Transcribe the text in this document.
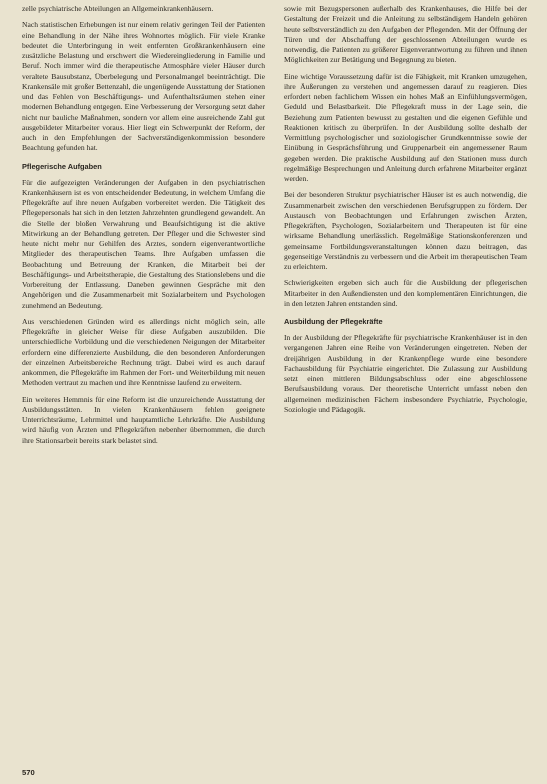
zelle psychiatrische Abteilungen an Allgemeinkrankenhäusern.

Nach statistischen Erhebungen ist nur einem relativ geringen Teil der Patienten eine Behandlung in der Nähe ihres Wohnortes möglich. Für viele Kranke bedeutet die Unterbringung in weit entfernten Großkrankenhäusern eine zusätzliche Belastung und erschwert die Wiedereingliederung in Familie und Beruf. Noch immer wird die therapeutische Atmosphäre vieler Häuser durch veraltete Bausubstanz, Überbelegung und Personalmangel beeinträchtigt. Die Krankensäle mit großer Bettenzahl, die ungenügende Ausstattung der Stationen und das Fehlen von Beschäftigungs- und Aufenthaltsräumen stehen einer modernen Behandlung entgegen. Eine Verbesserung der Versorgung setzt daher nicht nur bauliche Maßnahmen, sondern vor allem eine ausreichende Zahl gut ausgebildeter Mitarbeiter voraus. Hier liegt ein Schwerpunkt der Reform, der auch in den Empfehlungen der Sachverständigenkommission besondere Beachtung gefunden hat.

Pflegerische Aufgaben

Für die aufgezeigten Veränderungen der Aufgaben in den psychiatrischen Krankenhäusern ist es von entscheidender Bedeutung, in welchem Umfang die Pflegekräfte auf ihre neuen Aufgaben vorbereitet werden. Die Tätigkeit des Pflegepersonals hat sich in den letzten Jahrzehnten grundlegend gewandelt. An die Stelle der bloßen Verwahrung und Beaufsichtigung ist die aktive Mitwirkung an der Behandlung getreten. Der Pfleger und die Schwester sind heute nicht mehr nur Gehilfen des Arztes, sondern eigenverantwortliche Mitglieder des therapeutischen Teams. Ihre Aufgaben umfassen die Beobachtung und Betreuung der Kranken, die Mitarbeit bei der Beschäftigungs- und Arbeitstherapie, die Gestaltung des Stationslebens und die Vorbereitung der Entlassung. Daneben gewinnen Gespräche mit den Angehörigen und die Zusammenarbeit mit Sozialarbeitern und Psychologen zunehmend an Bedeutung.

Aus verschiedenen Gründen wird es allerdings nicht möglich sein, alle Pflegekräfte in gleicher Weise für diese Aufgaben auszubilden. Die unterschiedliche Vorbildung und die verschiedenen Neigungen der Mitarbeiter erfordern eine differenzierte Ausbildung, die den besonderen Anforderungen der einzelnen Arbeitsbereiche Rechnung trägt. Dabei wird es auch darauf ankommen, die Pflegekräfte im Rahmen der Fort- und Weiterbildung mit neuen Methoden vertraut zu machen und ihre Kenntnisse laufend zu erweitern.

Ein weiteres Hemmnis für eine Reform ist die unzureichende Ausstattung der Ausbildungsstätten. In vielen Krankenhäusern fehlen geeignete Unterrichtsräume, Lehrmittel und hauptamtliche Lehrkräfte. Die Ausbildung wird häufig von Ärzten und Pflegekräften nebenher übernommen, die durch ihre Stationsarbeit bereits stark belastet sind.

sowie mit Bezugspersonen außerhalb des Krankenhauses, die Hilfe bei der Gestaltung der Freizeit und die Anleitung zu selbständigem Handeln gehören heute selbstverständlich zu den Aufgaben der Pflegenden. Mit der Öffnung der Türen und der Abschaffung der geschlossenen Abteilungen wurde es notwendig, die Patienten zu größerer Eigenverantwortung zu führen und ihnen Möglichkeiten zur Betätigung und Begegnung zu bieten.

Eine wichtige Voraussetzung dafür ist die Fähigkeit, mit Kranken umzugehen, ihre Äußerungen zu verstehen und angemessen darauf zu reagieren. Dies erfordert neben fachlichem Wissen ein hohes Maß an Einfühlungsvermögen, Geduld und Belastbarkeit. Die Pflegekraft muss in der Lage sein, die Beziehung zum Patienten bewusst zu gestalten und die eigenen Gefühle und Reaktionen kritisch zu überprüfen. In der Ausbildung sollte deshalb der Vermittlung psychologischer und soziologischer Grundkenntnisse sowie der Einübung in Gesprächsführung und Gruppenarbeit ein angemessener Raum gegeben werden. Die praktische Ausbildung auf den Stationen muss durch regelmäßige Besprechungen und Anleitung durch erfahrene Mitarbeiter ergänzt werden.

Bei der besonderen Struktur psychiatrischer Häuser ist es auch notwendig, die Zusammenarbeit zwischen den verschiedenen Berufsgruppen zu fördern. Der Austausch von Beobachtungen und Erfahrungen zwischen Ärzten, Pflegekräften, Psychologen, Sozialarbeitern und Therapeuten ist für eine wirksame Behandlung unerlässlich. Regelmäßige Stationskonferenzen und gemeinsame Fortbildungsveranstaltungen können dazu beitragen, das gegenseitige Verständnis zu verbessern und die Arbeit im therapeutischen Team zu erleichtern.

Schwierigkeiten ergeben sich auch für die Ausbildung der pflegerischen Mitarbeiter in den Außendiensten und den komplementären Einrichtungen, die in den letzten Jahren entstanden sind.

Ausbildung der Pflegekräfte

In der Ausbildung der Pflegekräfte für psychiatrische Krankenhäuser ist in den vergangenen Jahren eine Reihe von Veränderungen eingetreten. Neben der dreijährigen Ausbildung in der Krankenpflege wurde eine besondere Fachausbildung für Psychiatrie eingerichtet. Die Zulassung zur Ausbildung setzt einen mittleren Bildungsabschluss oder eine abgeschlossene Berufsausbildung voraus. Der theoretische Unterricht umfasst neben den allgemeinen medizinischen Fächern insbesondere Psychiatrie, Psychologie, Soziologie und Pädagogik.

570
